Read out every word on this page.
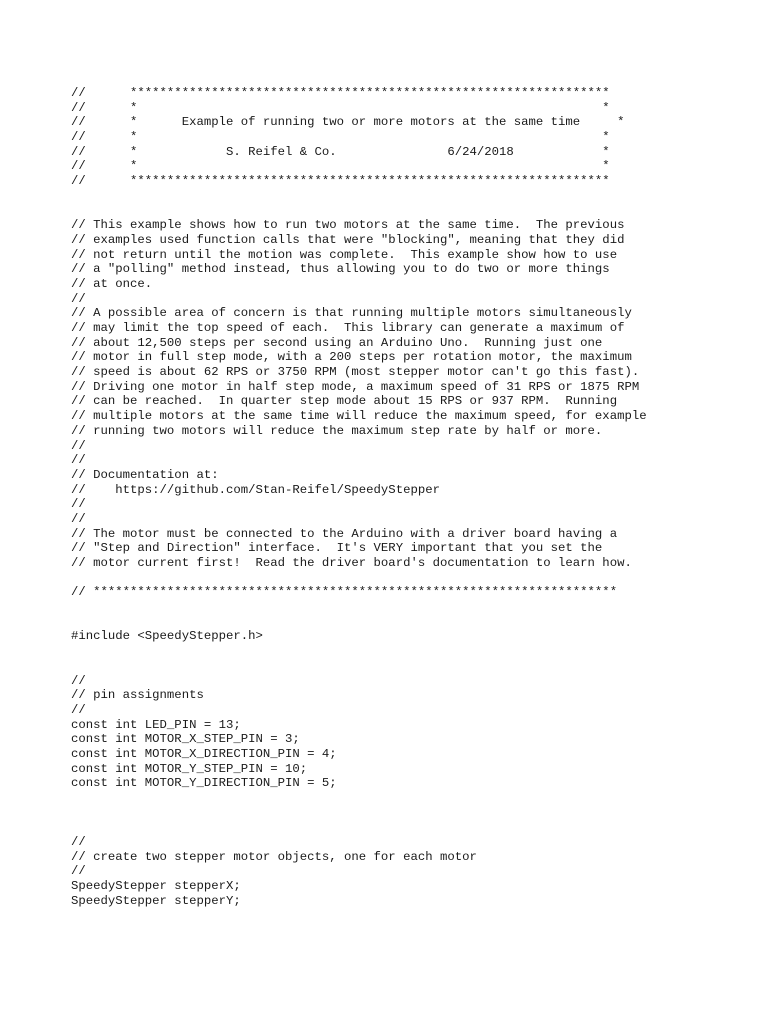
//      *****************************************************************
//      *                                                               *
//      *      Example of running two or more motors at the same time     *
//      *                                                               *
//      *            S. Reifel & Co.               6/24/2018            *
//      *                                                               *
//      *****************************************************************
// This example shows how to run two motors at the same time.  The previous
// examples used function calls that were "blocking", meaning that they did
// not return until the motion was complete.  This example show how to use
// a "polling" method instead, thus allowing you to do two or more things
// at once.
//
// A possible area of concern is that running multiple motors simultaneously
// may limit the top speed of each.  This library can generate a maximum of
// about 12,500 steps per second using an Arduino Uno.  Running just one
// motor in full step mode, with a 200 steps per rotation motor, the maximum
// speed is about 62 RPS or 3750 RPM (most stepper motor can't go this fast).
// Driving one motor in half step mode, a maximum speed of 31 RPS or 1875 RPM
// can be reached.  In quarter step mode about 15 RPS or 937 RPM.  Running
// multiple motors at the same time will reduce the maximum speed, for example
// running two motors will reduce the maximum step rate by half or more.
//
//
// Documentation at:
//    https://github.com/Stan-Reifel/SpeedyStepper
//
//
// The motor must be connected to the Arduino with a driver board having a
// "Step and Direction" interface.  It's VERY important that you set the
// motor current first!  Read the driver board's documentation to learn how.
// ***********************************************************************
#include <SpeedyStepper.h>
//
// pin assignments
//
const int LED_PIN = 13;
const int MOTOR_X_STEP_PIN = 3;
const int MOTOR_X_DIRECTION_PIN = 4;
const int MOTOR_Y_STEP_PIN = 10;
const int MOTOR_Y_DIRECTION_PIN = 5;
//
// create two stepper motor objects, one for each motor
//
SpeedyStepper stepperX;
SpeedyStepper stepperY;
